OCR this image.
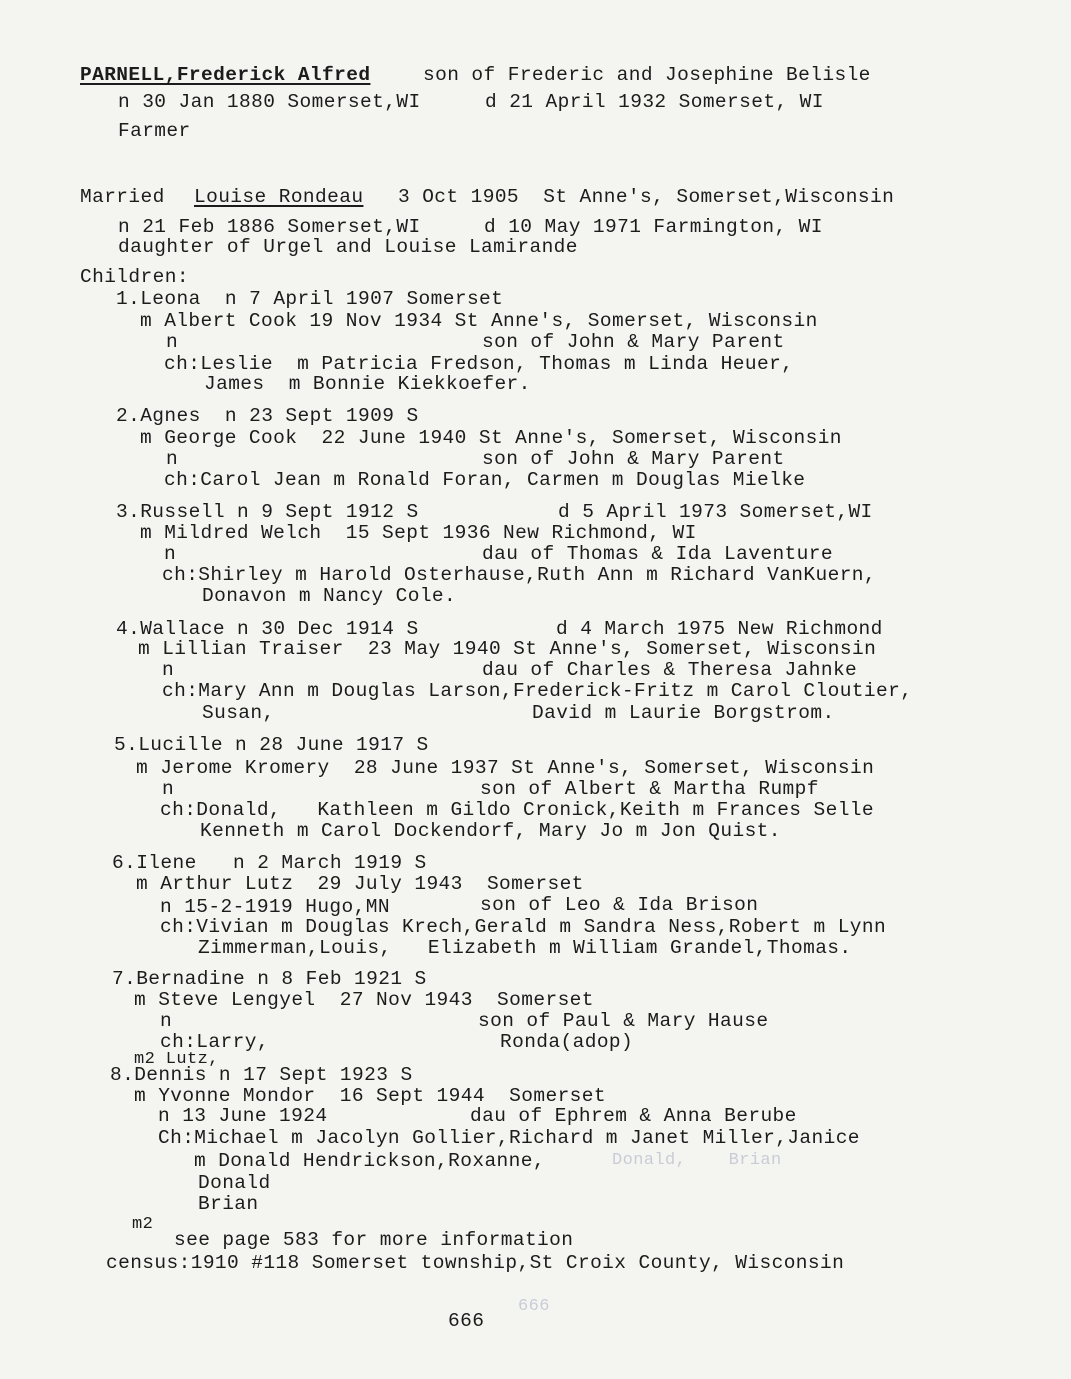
PARNELL,Frederick Alfred	son of Frederic and Josephine Belisle
n 30 Jan 1880 Somerset,WI	d 21 April 1932 Somerset, WI
Farmer
Married Louise Rondeau 3 Oct 1905  St Anne's, Somerset,Wisconsin
n 21 Feb 1886 Somerset,WI	d 10 May 1971 Farmington, WI
daughter of Urgel and Louise Lamirande
Children:
1.Leona  n 7 April 1907 Somerset
m Albert Cook 19 Nov 1934 St Anne's, Somerset, Wisconsin
n	son of John & Mary Parent
ch:Leslie  m Patricia Fredson, Thomas m Linda Heuer,
James  m Bonnie Kiekkoefer.
2.Agnes  n 23 Sept 1909 S
m George Cook  22 June 1940 St Anne's, Somerset, Wisconsin
n	son of John & Mary Parent
ch:Carol Jean m Ronald Foran, Carmen m Douglas Mielke
3.Russell n 9 Sept 1912 S	d 5 April 1973 Somerset,WI
m Mildred Welch  15 Sept 1936 New Richmond, WI
n	dau of Thomas & Ida Laventure
ch:Shirley m Harold Osterhause,Ruth Ann m Richard VanKuern,
Donavon m Nancy Cole.
4.Wallace n 30 Dec 1914 S	d 4 March 1975 New Richmond
m Lillian Traiser  23 May 1940 St Anne's, Somerset, Wisconsin
n	dau of Charles & Theresa Jahnke
ch:Mary Ann m Douglas Larson,Frederick-Fritz m Carol Cloutier,
Susan,	David m Laurie Borgstrom.
5.Lucille n 28 June 1917 S
m Jerome Kromery  28 June 1937 St Anne's, Somerset, Wisconsin
n	son of Albert & Martha Rumpf
ch:Donald,   Kathleen m Gildo Cronick,Keith m Frances Selle
Kenneth m Carol Dockendorf, Mary Jo m Jon Quist.
6.Ilene   n 2 March 1919 S
m Arthur Lutz  29 July 1943  Somerset
n 15-2-1919 Hugo,MN	son of Leo & Ida Brison
ch:Vivian m Douglas Krech,Gerald m Sandra Ness,Robert m Lynn
Zimmerman,Louis,   Elizabeth m William Grandel,Thomas.
7.Bernadine n 8 Feb 1921 S
m Steve Lengyel  27 Nov 1943  Somerset
n	son of Paul & Mary Hause
ch:Larry,	Ronda(adop)
m2 Lutz,
8.Dennis n 17 Sept 1923 S
m Yvonne Mondor  16 Sept 1944  Somerset
n 13 June 1924	dau of Ephrem & Anna Berube
Ch:Michael m Jacolyn Gollier,Richard m Janet Miller,Janice
m Donald Hendrickson,Roxanne,	Donald,    Brian
Donald
Brian
m2
see page 583 for more information
census:1910 #118 Somerset township,St Croix County, Wisconsin
666
666
